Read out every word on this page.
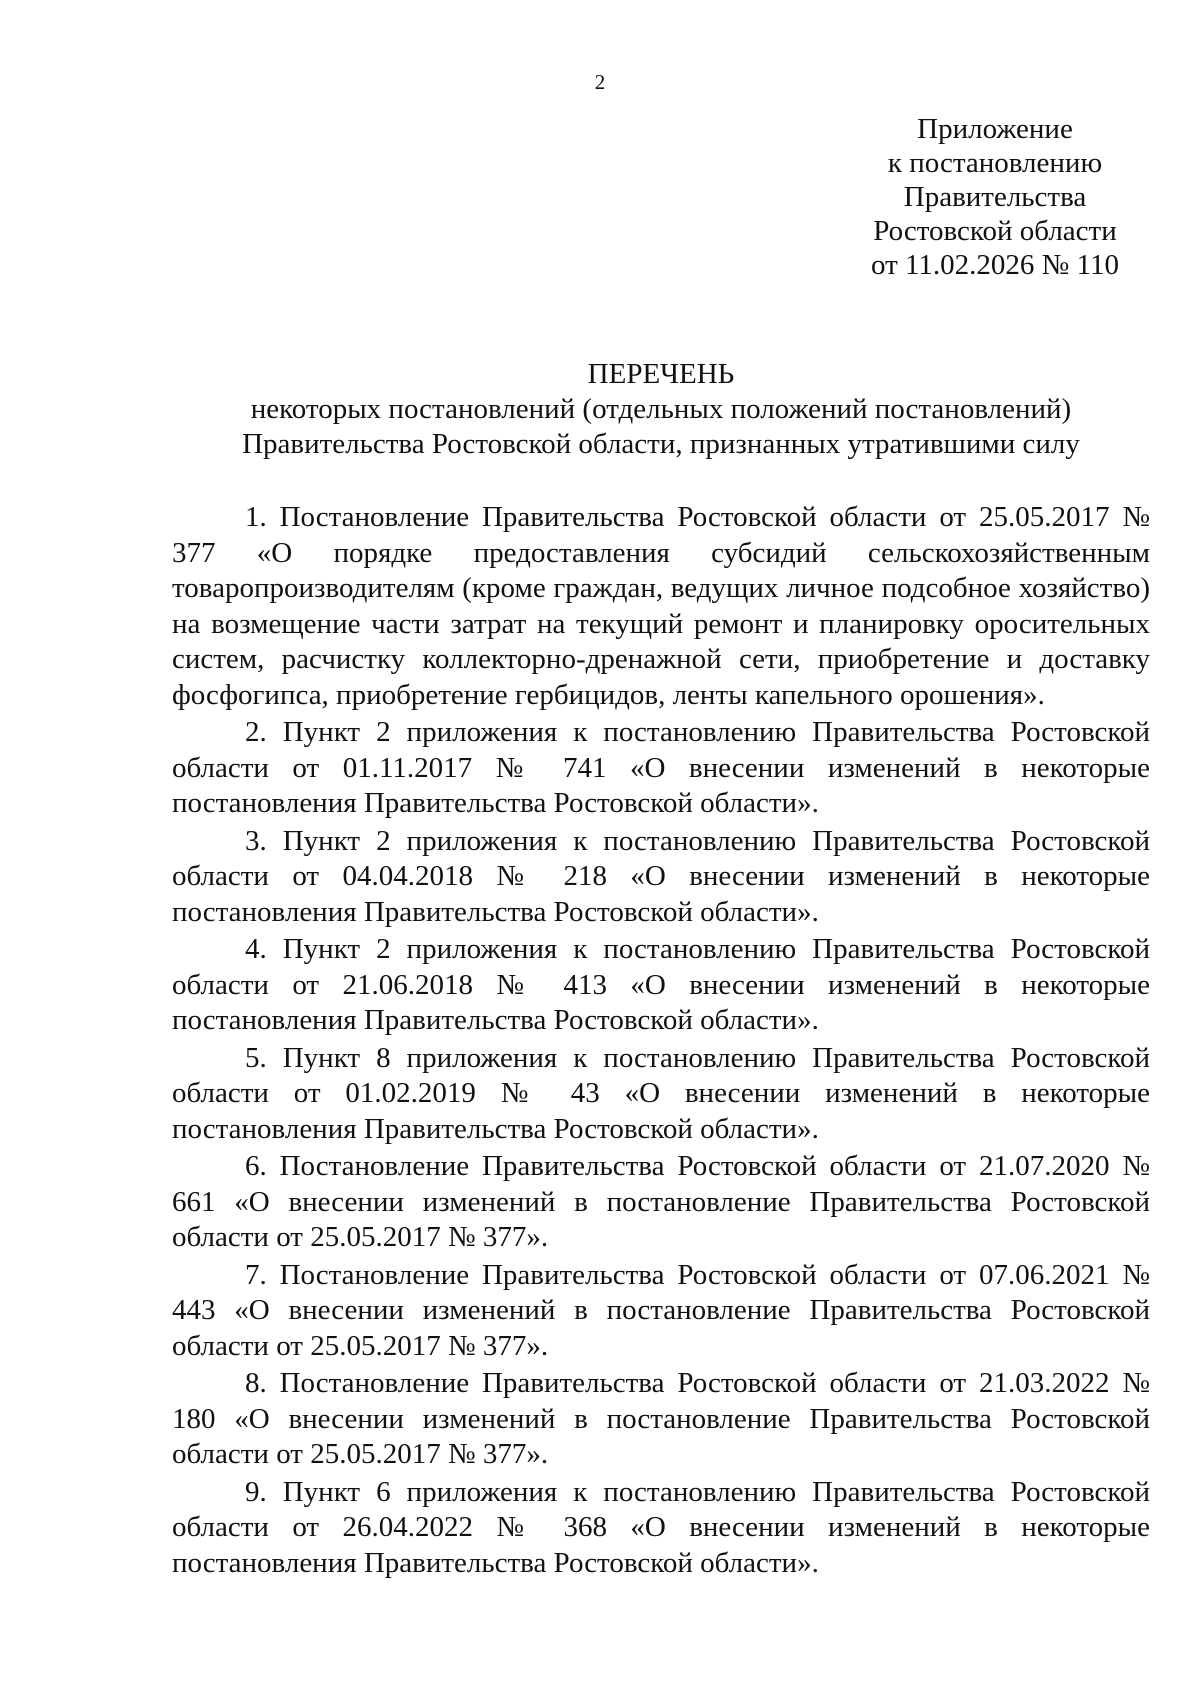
2
Приложение
к постановлению
Правительства
Ростовской области
от 11.02.2026 № 110
ПЕРЕЧЕНЬ
некоторых постановлений (отдельных положений постановлений)
Правительства Ростовской области, признанных утратившими силу

1. Постановление Правительства Ростовской области от 25.05.2017 № 377 «О порядке предоставления субсидий сельскохозяйственным товаропроизводителям (кроме граждан, ведущих личное подсобное хозяйство) на возмещение части затрат на текущий ремонт и планировку оросительных систем, расчистку коллекторно-дренажной сети, приобретение и доставку фосфогипса, приобретение гербицидов, ленты капельного орошения».

2. Пункт 2 приложения к постановлению Правительства Ростовской области от 01.11.2017 № 741 «О внесении изменений в некоторые постановления Правительства Ростовской области».

3. Пункт 2 приложения к постановлению Правительства Ростовской области от 04.04.2018 № 218 «О внесении изменений в некоторые постановления Правительства Ростовской области».

4. Пункт 2 приложения к постановлению Правительства Ростовской области от 21.06.2018 № 413 «О внесении изменений в некоторые постановления Правительства Ростовской области».

5. Пункт 8 приложения к постановлению Правительства Ростовской области от 01.02.2019 № 43 «О внесении изменений в некоторые постановления Правительства Ростовской области».

6. Постановление Правительства Ростовской области от 21.07.2020 № 661 «О внесении изменений в постановление Правительства Ростовской области от 25.05.2017 № 377».

7. Постановление Правительства Ростовской области от 07.06.2021 № 443 «О внесении изменений в постановление Правительства Ростовской области от 25.05.2017 № 377».

8. Постановление Правительства Ростовской области от 21.03.2022 № 180 «О внесении изменений в постановление Правительства Ростовской области от 25.05.2017 № 377».

9. Пункт 6 приложения к постановлению Правительства Ростовской области от 26.04.2022 № 368 «О внесении изменений в некоторые постановления Правительства Ростовской области».
